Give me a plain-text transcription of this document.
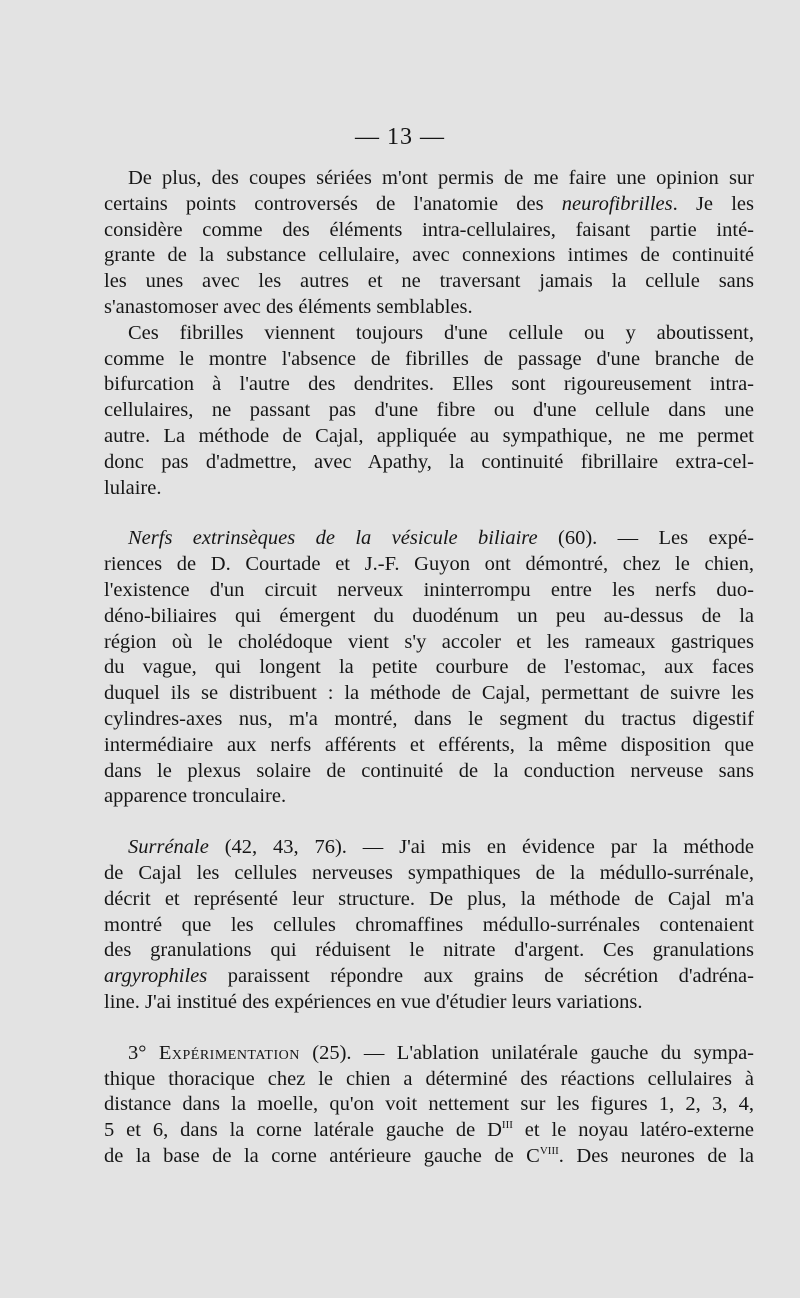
— 13 —
De plus, des coupes sériées m'ont permis de me faire une opinion sur
certains points controversés de l'anatomie des neurofibrilles. Je les
considère comme des éléments intra-cellulaires, faisant partie inté-
grante de la substance cellulaire, avec connexions intimes de continuité
les unes avec les autres et ne traversant jamais la cellule sans
s'anastomoser avec des éléments semblables.
Ces fibrilles viennent toujours d'une cellule ou y aboutissent,
comme le montre l'absence de fibrilles de passage d'une branche de
bifurcation à l'autre des dendrites. Elles sont rigoureusement intra-
cellulaires, ne passant pas d'une fibre ou d'une cellule dans une
autre. La méthode de Cajal, appliquée au sympathique, ne me permet
donc pas d'admettre, avec Apathy, la continuité fibrillaire extra-cel-
lulaire.
Nerfs extrinsèques de la vésicule biliaire (60). — Les expé-
riences de D. Courtade et J.-F. Guyon ont démontré, chez le chien,
l'existence d'un circuit nerveux ininterrompu entre les nerfs duo-
déno-biliaires qui émergent du duodénum un peu au-dessus de la
région où le cholédoque vient s'y accoler et les rameaux gastriques
du vague, qui longent la petite courbure de l'estomac, aux faces
duquel ils se distribuent : la méthode de Cajal, permettant de suivre les
cylindres-axes nus, m'a montré, dans le segment du tractus digestif
intermédiaire aux nerfs afférents et efférents, la même disposition que
dans le plexus solaire de continuité de la conduction nerveuse sans
apparence tronculaire.
Surrénale (42, 43, 76). — J'ai mis en évidence par la méthode
de Cajal les cellules nerveuses sympathiques de la médullo-surrénale,
décrit et représenté leur structure. De plus, la méthode de Cajal m'a
montré que les cellules chromaffines médullo-surrénales contenaient
des granulations qui réduisent le nitrate d'argent. Ces granulations
argyrophiles paraissent répondre aux grains de sécrétion d'adréna-
line. J'ai institué des expériences en vue d'étudier leurs variations.
3° Expérimentation (25). — L'ablation unilatérale gauche du sympa-
thique thoracique chez le chien a déterminé des réactions cellulaires à
distance dans la moelle, qu'on voit nettement sur les figures 1, 2, 3, 4,
5 et 6, dans la corne latérale gauche de $D^{III}$ et le noyau latéro-externe
de la base de la corne antérieure gauche de $C^{VIII}$. Des neurones de la
